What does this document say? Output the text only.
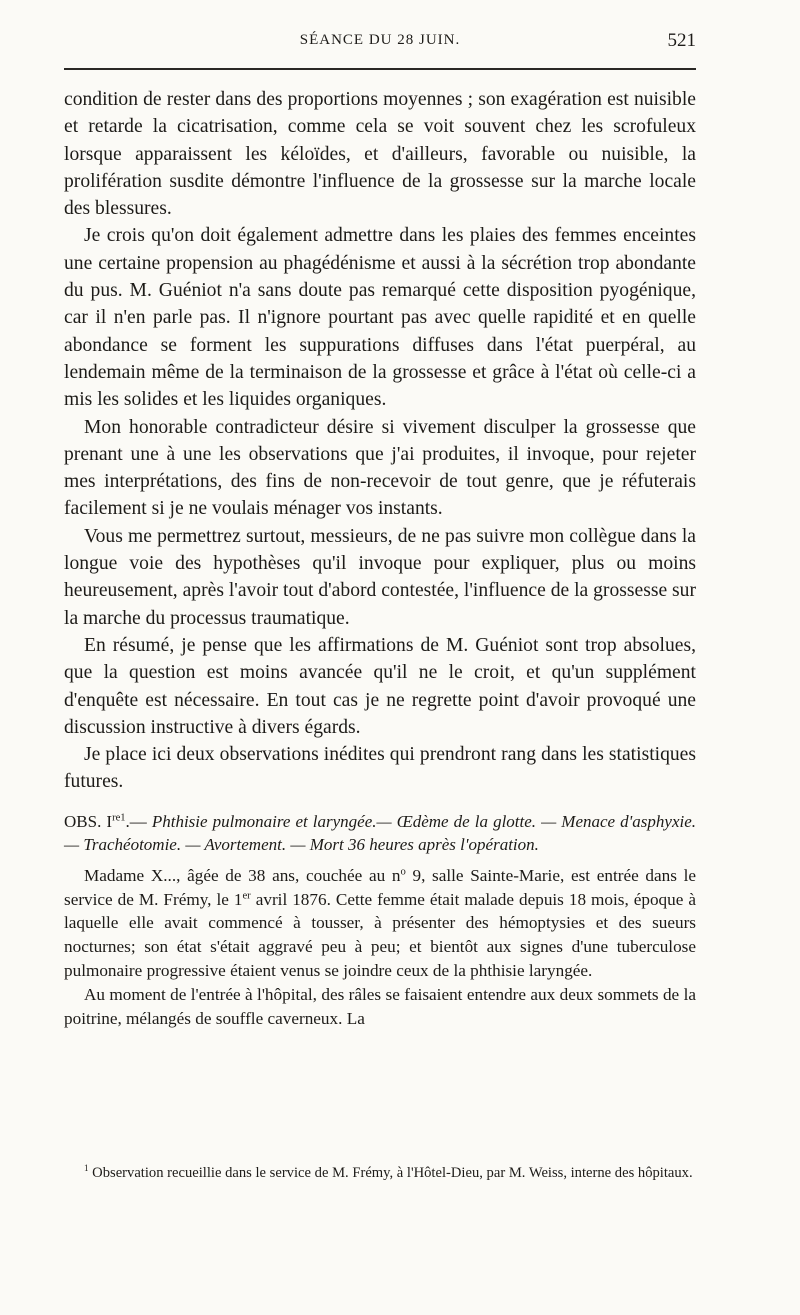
SÉANCE DU 28 JUIN.	521

condition de rester dans des proportions moyennes ; son exagération est nuisible et retarde la cicatrisation, comme cela se voit souvent chez les scrofuleux lorsque apparaissent les kéloïdes, et d'ailleurs, favorable ou nuisible, la prolifération susdite démontre l'influence de la grossesse sur la marche locale des blessures.

Je crois qu'on doit également admettre dans les plaies des femmes enceintes une certaine propension au phagédénisme et aussi à la sécrétion trop abondante du pus. M. Guéniot n'a sans doute pas remarqué cette disposition pyogénique, car il n'en parle pas. Il n'ignore pourtant pas avec quelle rapidité et en quelle abondance se forment les suppurations diffuses dans l'état puerpéral, au lendemain même de la terminaison de la grossesse et grâce à l'état où celle-ci a mis les solides et les liquides organiques.

Mon honorable contradicteur désire si vivement disculper la grossesse que prenant une à une les observations que j'ai produites, il invoque, pour rejeter mes interprétations, des fins de non-recevoir de tout genre, que je réfuterais facilement si je ne voulais ménager vos instants.

Vous me permettrez surtout, messieurs, de ne pas suivre mon collègue dans la longue voie des hypothèses qu'il invoque pour expliquer, plus ou moins heureusement, après l'avoir tout d'abord contestée, l'influence de la grossesse sur la marche du processus traumatique.

En résumé, je pense que les affirmations de M. Guéniot sont trop absolues, que la question est moins avancée qu'il ne le croit, et qu'un supplément d'enquête est nécessaire. En tout cas je ne regrette point d'avoir provoqué une discussion instructive à divers égards.

Je place ici deux observations inédites qui prendront rang dans les statistiques futures.

OBS. $I^{re1}.—$ Phthisie pulmonaire et laryngée.— Œdème de la glotte. — Menace d'asphyxie. — Trachéotomie. — Avortement. — Mort 36 heures après l'opération.

Madame X..., âgée de 38 ans, couchée au $n^o$ 9, salle Sainte-Marie, est entrée dans le service de M. Frémy, le 1er avril 1876. Cette femme était malade depuis 18 mois, époque à laquelle elle avait commencé à tousser, à présenter des hémoptysies et des sueurs nocturnes; son état s'était aggravé peu à peu; et bientôt aux signes d'une tuberculose pulmonaire progressive étaient venus se joindre ceux de la phthisie laryngée.

Au moment de l'entrée à l'hôpital, des râles se faisaient entendre aux deux sommets de la poitrine, mélangés de souffle caverneux. La

$^1$ Observation recueillie dans le service de M. Frémy, à l'Hôtel-Dieu, par M. Weiss, interne des hôpitaux.
